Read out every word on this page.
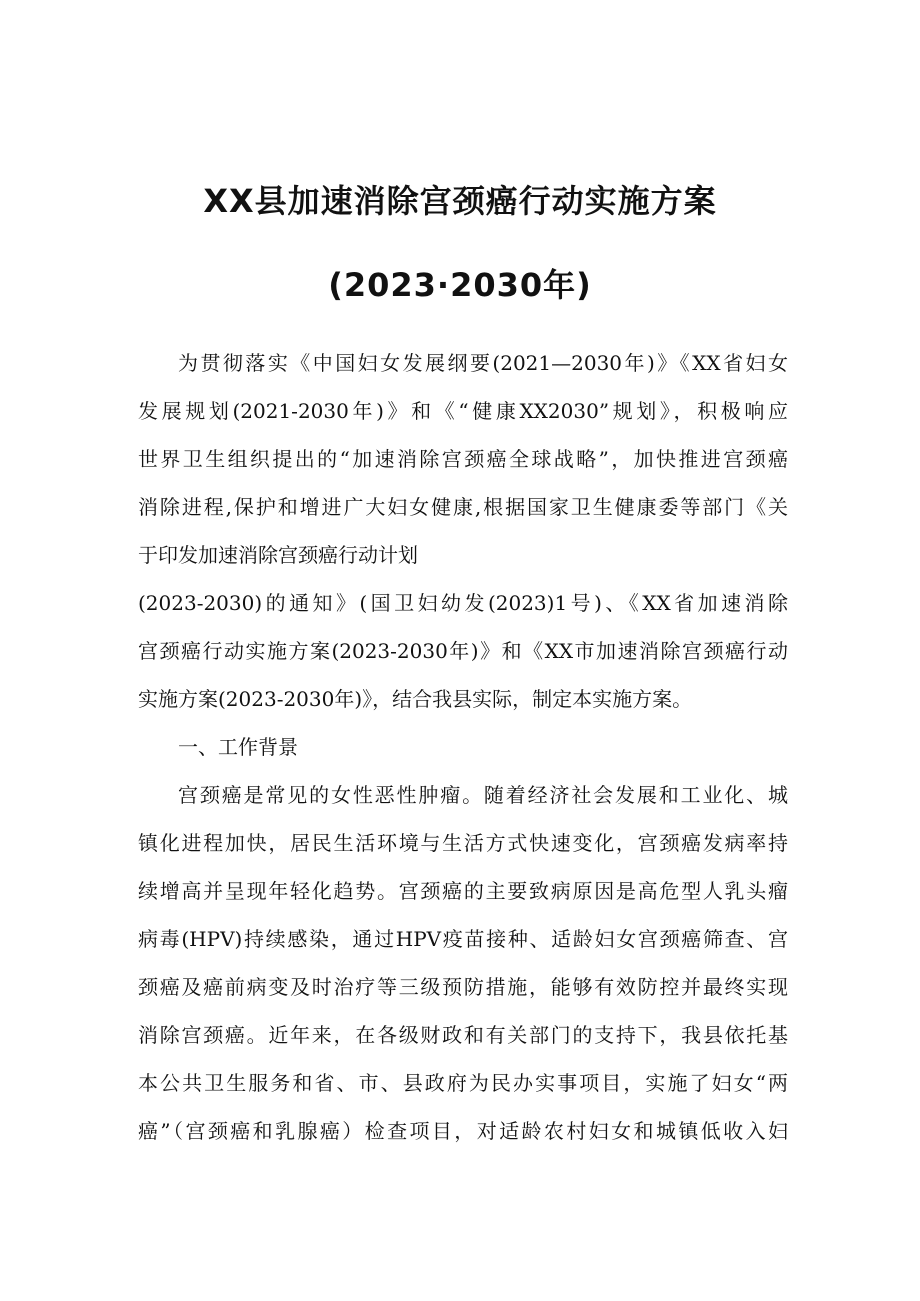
XX县加速消除宫颈癌行动实施方案
(2023·2030年)
为贯彻落实《中国妇女发展纲要(2021—2030年)》《XX省妇女
发展规划(2021-2030年)》和《“健康XX2030”规划》，积极响应
世界卫生组织提出的“加速消除宫颈癌全球战略”，加快推进宫颈癌
消除进程,保护和增进广大妇女健康,根据国家卫生健康委等部门《关
于印发加速消除宫颈癌行动计划
(2023-2030)的通知》(国卫妇幼发(2023)1号)、《XX省加速消除
宫颈癌行动实施方案(2023-2030年)》和《XX市加速消除宫颈癌行动
实施方案(2023-2030年)》，结合我县实际，制定本实施方案。
一、工作背景
宫颈癌是常见的女性恶性肿瘤。随着经济社会发展和工业化、城
镇化进程加快，居民生活环境与生活方式快速变化，宫颈癌发病率持
续增高并呈现年轻化趋势。宫颈癌的主要致病原因是高危型人乳头瘤
病毒(HPV)持续感染，通过HPV疫苗接种、适龄妇女宫颈癌筛查、宫
颈癌及癌前病变及时治疗等三级预防措施，能够有效防控并最终实现
消除宫颈癌。近年来，在各级财政和有关部门的支持下，我县依托基
本公共卫生服务和省、市、县政府为民办实事项目，实施了妇女“两
癌”（宫颈癌和乳腺癌）检查项目，对适龄农村妇女和城镇低收入妇
